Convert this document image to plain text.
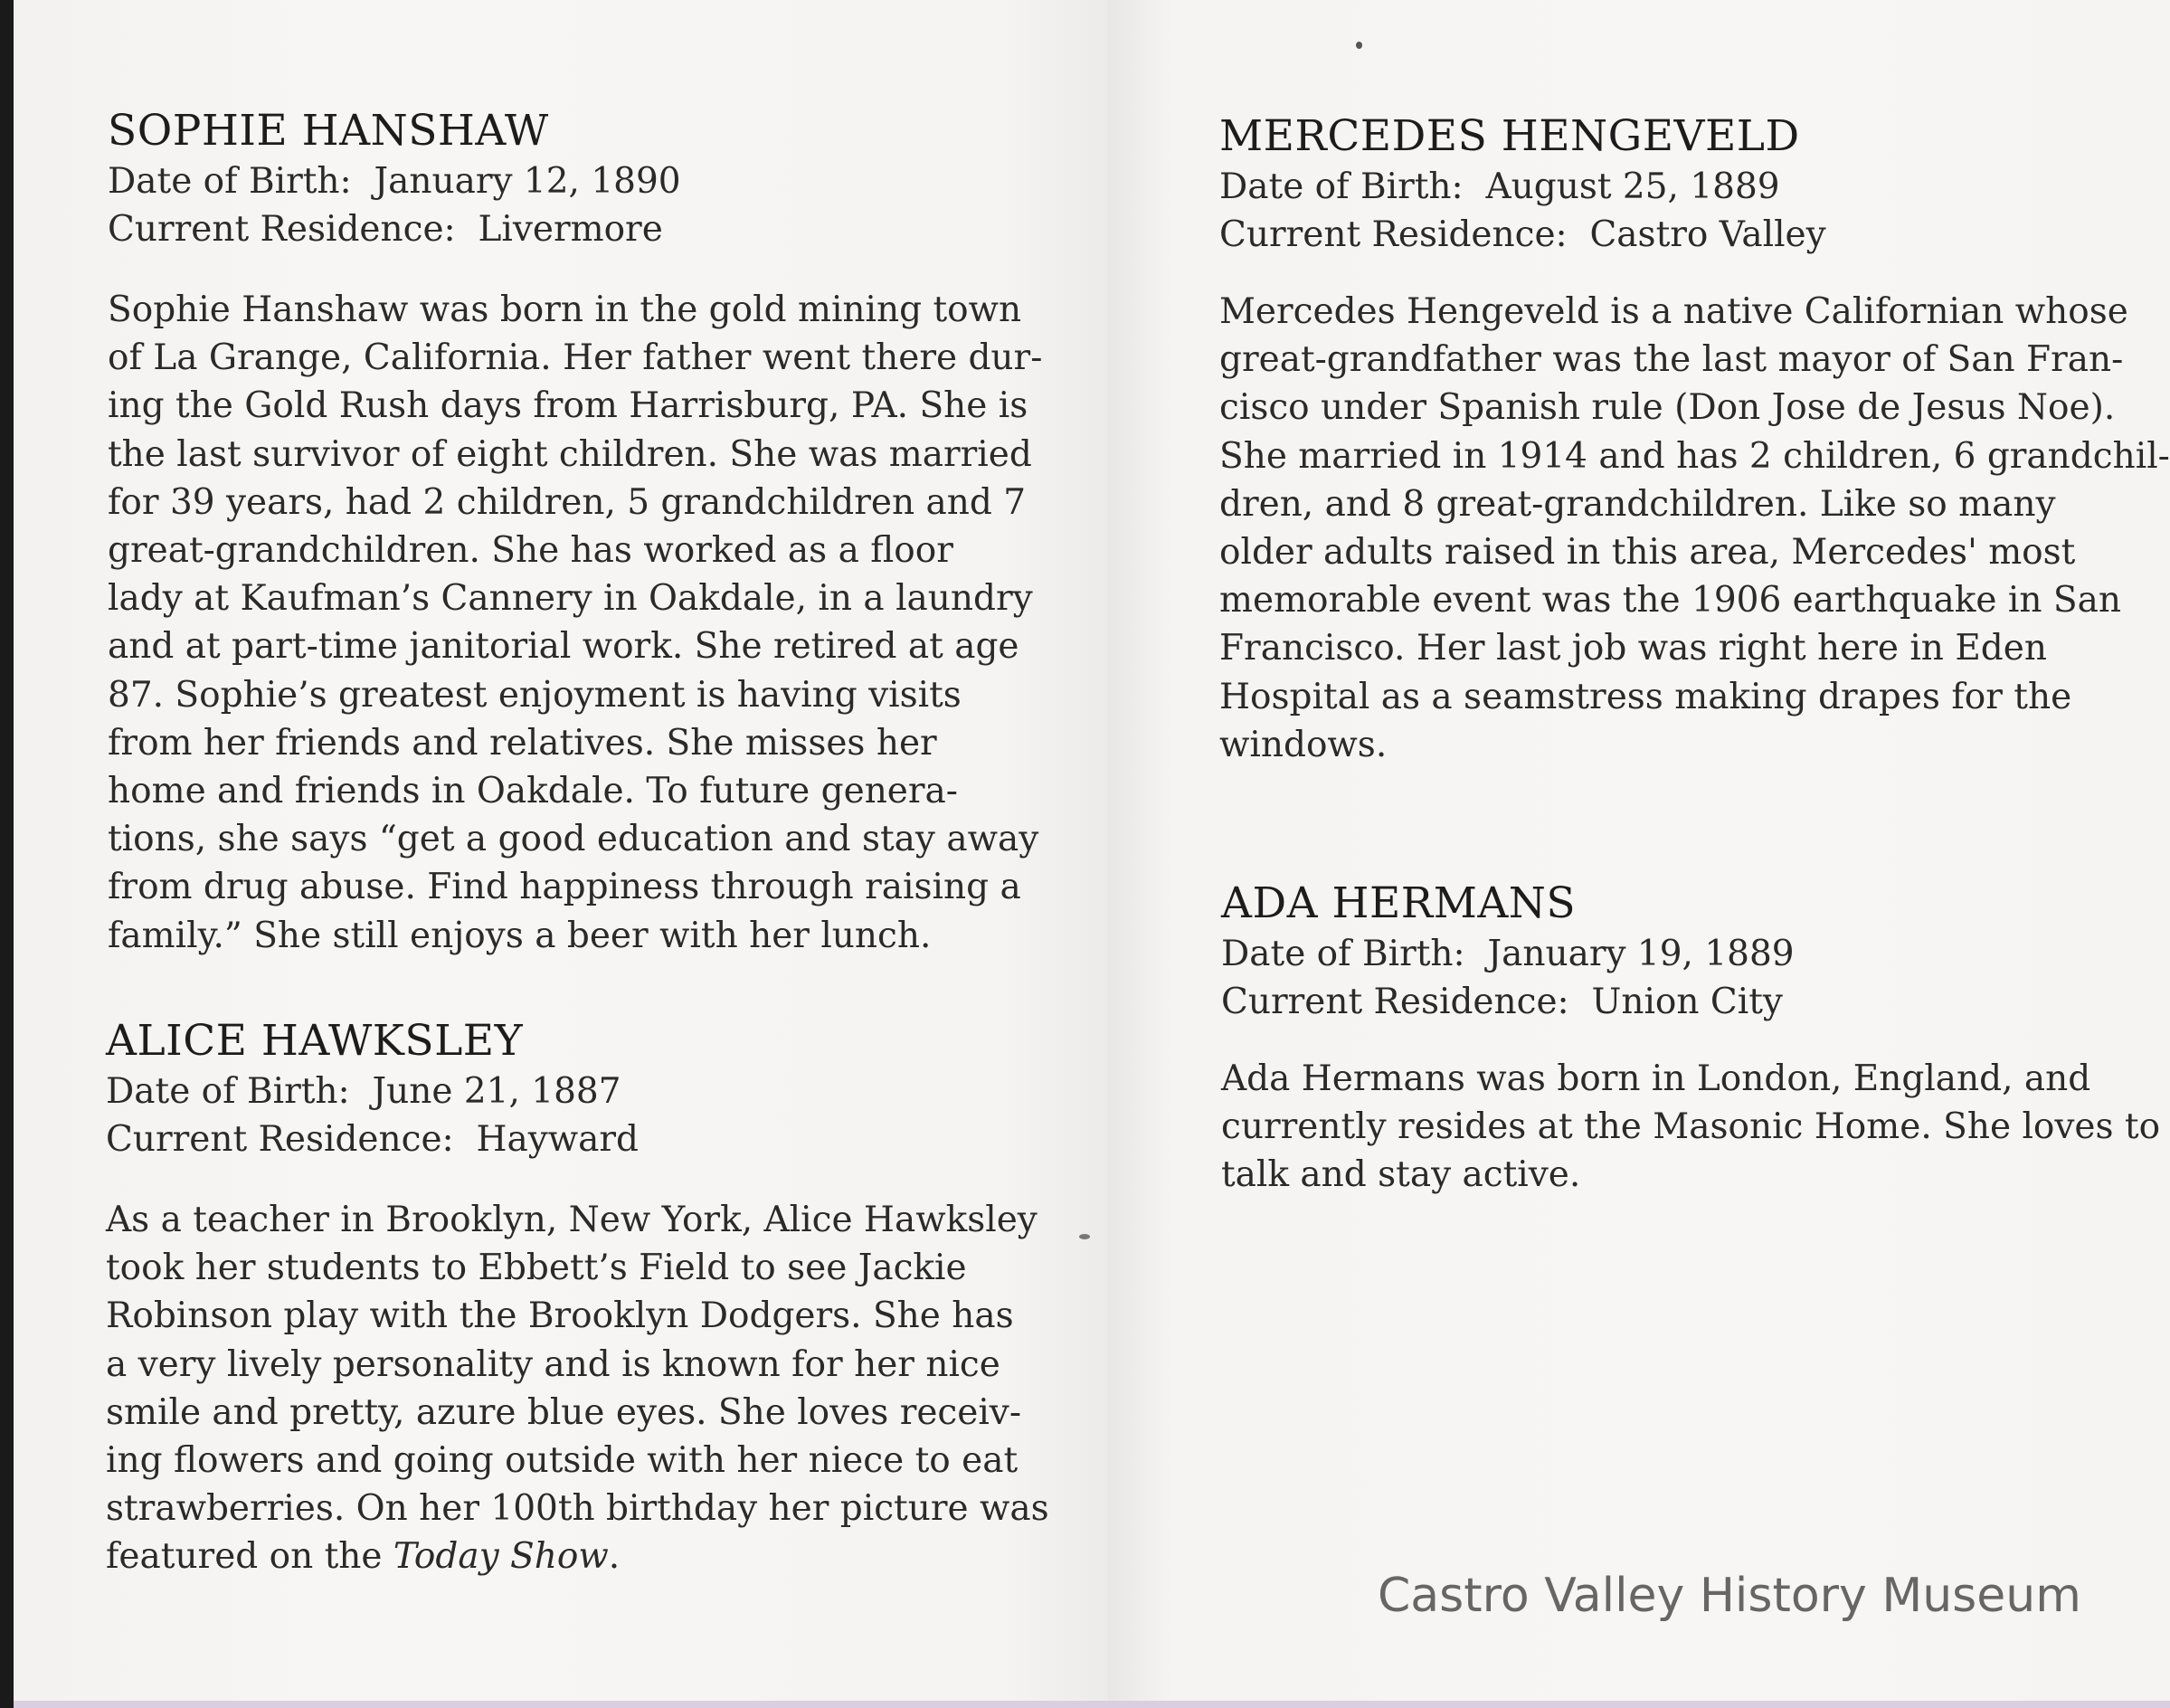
SOPHIE HANSHAW
Date of Birth: January 12, 1890
Current Residence: Livermore
Sophie Hanshaw was born in the gold mining town
of La Grange, California. Her father went there dur-
ing the Gold Rush days from Harrisburg, PA. She is
the last survivor of eight children. She was married
for 39 years, had 2 children, 5 grandchildren and 7
great-grandchildren. She has worked as a floor
lady at Kaufman’s Cannery in Oakdale, in a laundry
and at part-time janitorial work. She retired at age
87. Sophie’s greatest enjoyment is having visits
from her friends and relatives. She misses her
home and friends in Oakdale. To future genera-
tions, she says “get a good education and stay away
from drug abuse. Find happiness through raising a
family.” She still enjoys a beer with her lunch.
ALICE HAWKSLEY
Date of Birth: June 21, 1887
Current Residence: Hayward
As a teacher in Brooklyn, New York, Alice Hawksley
took her students to Ebbett’s Field to see Jackie
Robinson play with the Brooklyn Dodgers. She has
a very lively personality and is known for her nice
smile and pretty, azure blue eyes. She loves receiv-
ing flowers and going outside with her niece to eat
strawberries. On her 100th birthday her picture was
featured on the Today Show.
MERCEDES HENGEVELD
Date of Birth: August 25, 1889
Current Residence: Castro Valley
Mercedes Hengeveld is a native Californian whose
great-grandfather was the last mayor of San Fran-
cisco under Spanish rule (Don Jose de Jesus Noe).
She married in 1914 and has 2 children, 6 grandchil-
dren, and 8 great-grandchildren. Like so many
older adults raised in this area, Mercedes' most
memorable event was the 1906 earthquake in San
Francisco. Her last job was right here in Eden
Hospital as a seamstress making drapes for the
windows.
ADA HERMANS
Date of Birth: January 19, 1889
Current Residence: Union City
Ada Hermans was born in London, England, and
currently resides at the Masonic Home. She loves to
talk and stay active.
Castro Valley History Museum
